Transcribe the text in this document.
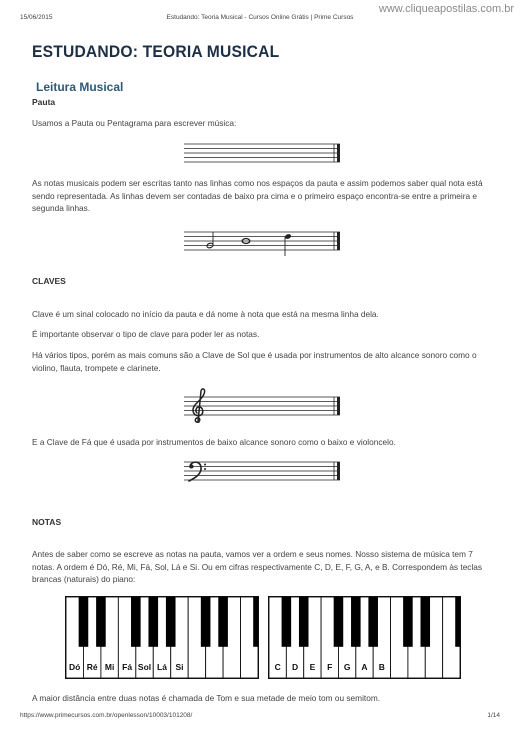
15/06/2015	Estudando: Teoria Musical - Cursos Online Grátis | Prime Cursos
www.cliqueapostilas.com.br
ESTUDANDO: TEORIA MUSICAL
Leitura Musical
Pauta
Usamos a Pauta ou Pentagrama para escrever música:
As notas musicais podem ser escritas tanto nas linhas como nos espaços da pauta e assim podemos saber qual nota está sendo representada. As linhas devem ser contadas de baixo pra cima e o primeiro espaço encontra-se entre a primeira e segunda linhas.
CLAVES
Clave é um sinal colocado no início da pauta e dá nome à nota que está na mesma linha dela.
É importante observar o tipo de clave para poder ler as notas.
Há vários tipos, porém as mais comuns são a Clave de Sol que é usada por instrumentos de alto alcance sonoro como o violino, flauta, trompete e clarinete.
E a Clave de Fá que é usada por instrumentos de baixo alcance sonoro como o baixo e violoncelo.
NOTAS
Antes de saber como se escreve as notas na pauta, vamos ver a ordem e seus nomes. Nosso sistema de música tem 7 notas. A ordem é Dó, Ré, Mi, Fá, Sol, Lá e Si. Ou em cifras respectivamente C, D, E, F, G, A, e B. Correspondem às teclas brancas (naturais) do piano:
Dó Ré Mi Fá Sol Lá Si	C D E F G A B
A maior distância entre duas notas é chamada de Tom e sua metade de meio tom ou semitom.
https://www.primecursos.com.br/openlesson/10003/101208/	1/14
